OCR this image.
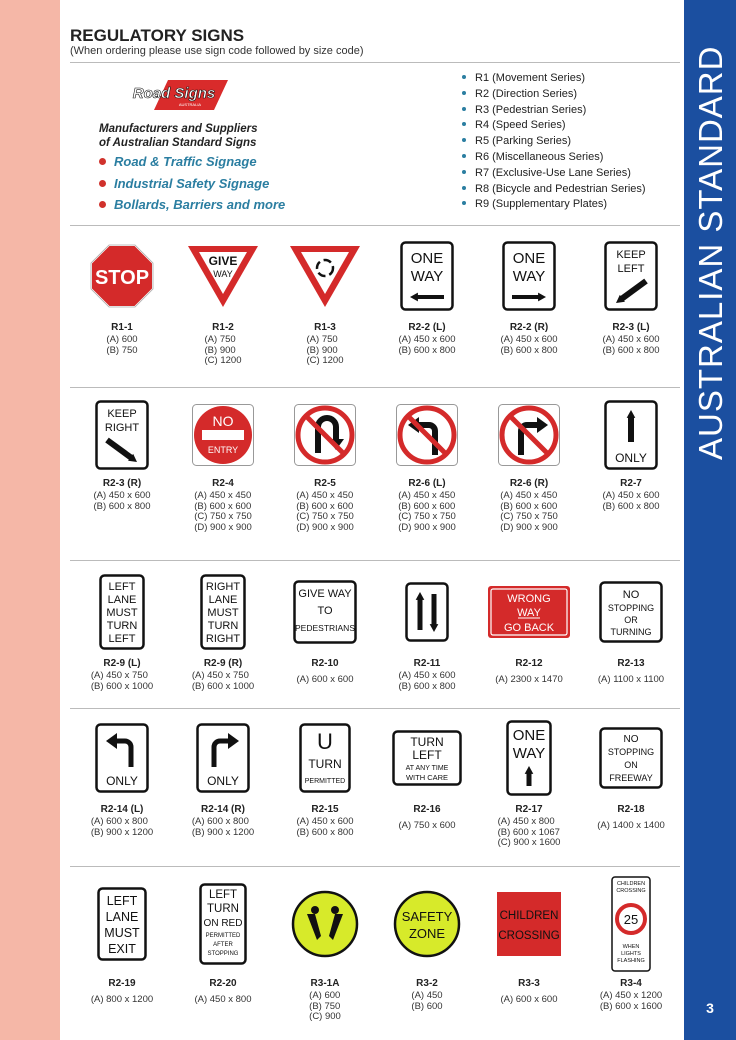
AUSTRALIAN STANDARD
3
REGULATORY SIGNS
(When ordering please use sign code followed by size code)
Road Signs
AUSTRALIA
Manufacturers and Suppliers
of Australian Standard Signs
Road & Traffic Signage
Industrial Safety Signage
Bollards, Barriers and more
R1 (Movement Series)
R2 (Direction Series)
R3 (Pedestrian Series)
R4 (Speed Series)
R5 (Parking Series)
R6 (Miscellaneous Series)
R7 (Exclusive-Use Lane Series)
R8 (Bicycle and Pedestrian Series)
R9 (Supplementary Plates)
STOP
R1-1
(A) 600
(B) 750
GIVE
WAY
R1-2
(A) 750
(B) 900
(C) 1200
R1-3
(A) 750
(B) 900
(C) 1200
ONE
WAY
R2-2 (L)
(A) 450 x 600
(B) 600 x 800
ONE
WAY
R2-2 (R)
(A) 450 x 600
(B) 600 x 800
KEEP
LEFT
R2-3 (L)
(A) 450 x 600
(B) 600 x 800
KEEP
RIGHT
R2-3 (R)
(A) 450 x 600
(B) 600 x 800
NO
ENTRY
R2-4
(A) 450 x 450
(B) 600 x 600
(C) 750 x 750
(D) 900 x 900
R2-5
(A) 450 x 450
(B) 600 x 600
(C) 750 x 750
(D) 900 x 900
R2-6 (L)
(A) 450 x 450
(B) 600 x 600
(C) 750 x 750
(D) 900 x 900
R2-6 (R)
(A) 450 x 450
(B) 600 x 600
(C) 750 x 750
(D) 900 x 900
ONLY
R2-7
(A) 450 x 600
(B) 600 x 800
LEFT
LANE
MUST
TURN
LEFT
R2-9 (L)
(A) 450 x 750
(B) 600 x 1000
RIGHT
LANE
MUST
TURN
RIGHT
R2-9 (R)
(A) 450 x 750
(B) 600 x 1000
GIVE WAY
TO
PEDESTRIANS
R2-10
(A) 600 x 600
R2-11
(A) 450 x 600
(B) 600 x 800
WRONG
WAY
GO BACK
R2-12
(A) 2300 x 1470
NO
STOPPING
OR
TURNING
R2-13
(A) 1100 x 1100
ONLY
R2-14 (L)
(A) 600 x 800
(B) 900 x 1200
ONLY
R2-14 (R)
(A) 600 x 800
(B) 900 x 1200
U
TURN
PERMITTED
R2-15
(A) 450 x 600
(B) 600 x 800
TURN
LEFT
AT ANY TIME
WITH CARE
R2-16
(A) 750 x 600
ONE
WAY
R2-17
(A) 450 x 800
(B) 600 x 1067
(C) 900 x 1600
NO
STOPPING
ON
FREEWAY
R2-18
(A) 1400 x 1400
LEFT
LANE
MUST
EXIT
R2-19
(A) 800 x 1200
LEFT
TURN
ON RED
PERMITTED
AFTER
STOPPING
R2-20
(A) 450 x 800
R3-1A
(A) 600
(B) 750
(C) 900
SAFETY
ZONE
R3-2
(A) 450
(B) 600
CHILDREN
CROSSING
R3-3
(A) 600 x 600
CHILDREN
CROSSING
25
WHEN
LIGHTS
FLASHING
R3-4
(A) 450 x 1200
(B) 600 x 1600
